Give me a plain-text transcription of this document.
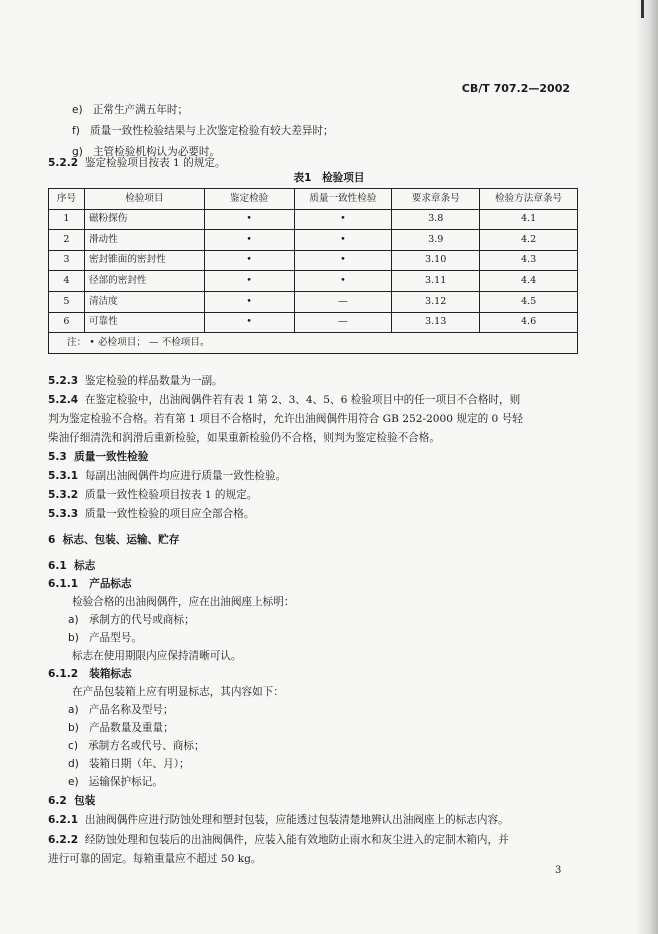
CB/T 707.2—2002
e) 正常生产满五年时；
f) 质量一致性检验结果与上次鉴定检验有较大差异时；
g) 主管检验机构认为必要时。
5.2.2 鉴定检验项目按表 1 的规定。
表1　检验项目
序号	检验项目	鉴定检验	质量一致性检验	要求章条号	检验方法章条号
1	磁粉探伤	•	•	3.8	4.1
2	滑动性	•	•	3.9	4.2
3	密封锥面的密封性	•	•	3.10	4.3
4	径部的密封性	•	•	3.11	4.4
5	清洁度	•	—	3.12	4.5
6	可靠性	•	—	3.13	4.6
注： • 必检项目； — 不检项目。					
5.2.3 鉴定检验的样品数量为一副。
5.2.4 在鉴定检验中，出油阀偶件若有表 1 第 2、3、4、5、6 检验项目中的任一项目不合格时，则
判为鉴定检验不合格。若有第 1 项目不合格时，允许出油阀偶件用符合 GB 252-2000 规定的 0 号轻
柴油仔细清洗和润滑后重新检验，如果重新检验仍不合格，则判为鉴定检验不合格。
5.3 质量一致性检验
5.3.1 每副出油阀偶件均应进行质量一致性检验。
5.3.2 质量一致性检验项目按表 1 的规定。
5.3.3 质量一致性检验的项目应全部合格。
6 标志、包装、运输、贮存
6.1 标志
6.1.1 产品标志
检验合格的出油阀偶件，应在出油阀座上标明：
a) 承制方的代号或商标；
b) 产品型号。
标志在使用期限内应保持清晰可认。
6.1.2 装箱标志
在产品包装箱上应有明显标志，其内容如下：
a) 产品名称及型号；
b) 产品数量及重量；
c) 承制方名或代号、商标；
d) 装箱日期（年、月）；
e) 运输保护标记。
6.2 包装
6.2.1 出油阀偶件应进行防蚀处理和塑封包装，应能透过包装清楚地辨认出油阀座上的标志内容。
6.2.2 经防蚀处理和包装后的出油阀偶件，应装入能有效地防止雨水和灰尘进入的定制木箱内，并
进行可靠的固定。每箱重量应不超过 50 kg。
3
